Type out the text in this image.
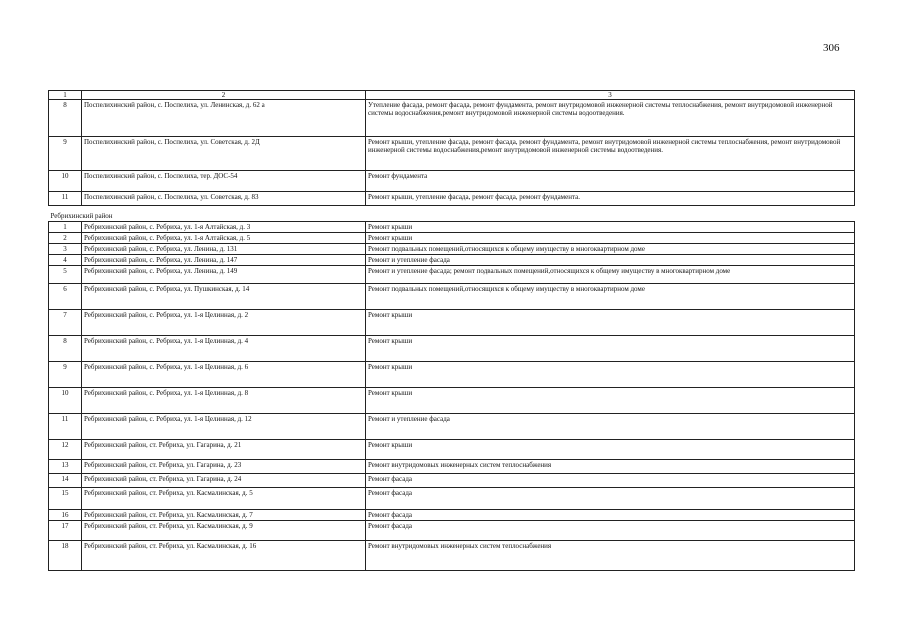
306
1	2	3
8	Поспелихинский район, с. Поспелиха, ул. Ленинская, д. 62 а	Утепление фасада, ремонт фасада, ремонт фундамента, ремонт внутридомовой инженерной системы теплоснабжения, ремонт внутридомовой инженерной системы водоснабжения,ремонт внутридомовой инженерной системы водоотведения.
9	Поспелихинский район, с. Поспелиха, ул. Советская, д. 2Д	Ремонт крыши, утепление фасада, ремонт фасада, ремонт фундамента, ремонт внутридомовой инженерной системы теплоснабжения, ремонт внутридомовой инженерной системы водоснабжения,ремонт внутридомовой инженерной системы водоотведения.
10	Поспелихинский район, с. Поспелиха, тер. ДОС-54	Ремонт фундамента
11	Поспелихинский район, с. Поспелиха, ул. Советская, д. 83	Ремонт крыши, утепление фасада, ремонт фасада, ремонт фундамента.
Ребрихинский район		
1	Ребрихинский район, с. Ребриха, ул. 1-я Алтайская, д. 3	Ремонт крыши
2	Ребрихинский район, с. Ребриха, ул. 1-я Алтайская, д. 5	Ремонт крыши
3	Ребрихинский район, с. Ребриха, ул. Ленина, д. 131	Ремонт подвальных помещений,относящихся к общему имуществу в многоквартирном доме
4	Ребрихинский район, с. Ребриха, ул. Ленина, д. 147	Ремонт и утепление фасада
5	Ребрихинский район, с. Ребриха, ул. Ленина, д. 149	Ремонт и утепление фасада; ремонт подвальных помещений,относящихся к общему имуществу в многоквартирном доме
6	Ребрихинский район, с. Ребриха, ул. Пушкинская, д. 14	Ремонт подвальных помещений,относящихся к общему имуществу в многоквартирном доме
7	Ребрихинский район, с. Ребриха, ул. 1-я Целинная, д. 2	Ремонт крыши
8	Ребрихинский район, с. Ребриха, ул. 1-я Целинная, д. 4	Ремонт крыши
9	Ребрихинский район, с. Ребриха, ул. 1-я Целинная, д. 6	Ремонт крыши
10	Ребрихинский район, с. Ребриха, ул. 1-я Целинная, д. 8	Ремонт крыши
11	Ребрихинский район, с. Ребриха, ул. 1-я Целинная, д. 12	Ремонт и утепление фасада
12	Ребрихинский район, ст. Ребриха, ул. Гагарина, д. 21	Ремонт крыши
13	Ребрихинский район, ст. Ребриха, ул. Гагарина, д. 23	Ремонт внутридомовых инженерных систем теплоснабжения
14	Ребрихинский район, ст. Ребриха, ул. Гагарина, д. 24	Ремонт фасада
15	Ребрихинский район, ст. Ребриха, ул. Касмалинская, д. 5	Ремонт фасада
16	Ребрихинский район, ст. Ребриха, ул. Касмалинская, д. 7	Ремонт фасада
17	Ребрихинский район, ст. Ребриха, ул. Касмалинская, д. 9	Ремонт фасада
18	Ребрихинский район, ст. Ребриха, ул. Касмалинская, д. 16	Ремонт внутридомовых инженерных систем теплоснабжения
